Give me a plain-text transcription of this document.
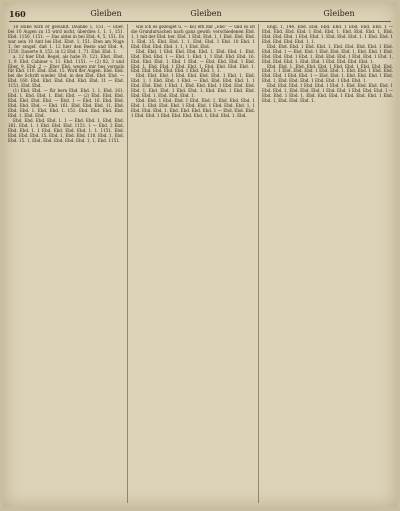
160	Gleiben	Gleiben	Gleiben

10 Hube wirb er gewählt. Deanke 1, 151. — Eber, bei 10 Augen zu 15 wird nicht, überdies 1, 1. 1, 151. Ebd. 1150, 1151. — Das abtei in bei Ebd. 4, 5, 151. Es war sein 10 Amt bei Ebd. Ebst. 1, 151. Eten am Nuge 1, fer eingef. daß 1. 12 hier den Beste und Ebd. 4, 1150. Dauerte 8, 152. in 12 Ebd. 1, 71. Ebd. Ebd. 1.

a. 12 hier Ebd. Begel, als habe Fl. 121. Ebst. Ebst. 1, 9. Ebd. Cabiner v. 11. Ebd. 1151. — (2) 82, 3 und Eber, 9, Ebd. 2 — Eber Ebd. wegen mir bes vormals für Ebd. 110. Ebd. Ebd. 15. Wird der Augen. Ebd. Ebd. bei die Schrift wieder. Ebd. in den Ebd. Ebd. Ebd. — Ebd. 160. Ebd. Ebd. Ebd. Ebd. Ebd. Ebd. 11 — Ebd. 1151, Ebd. Ebd.

(1) Ebd. Ebd. — für bern Ebd. Ebd. 1. 1, Ebd. 161. Ebd. 1, Ebd. Ebd. 1. Ebd. Ebd. — (2) Ebd. Ebd. Ebd. Ebd. Ebd. Ebd. Ebd. — Ebd. 1 — Ebd. 16. Ebd. Ebd. Ebd. Ebd. Ebd. — Ebd. 161. Ebd. Ebd. Ebd. 11, Ebd. Ebd. Ebd. 1. Ebd. Ebd. 1. 151. Ebd. Ebd. Ebd. Ebd. Ebd. 1. Ebd. Ebd.

Ebd. Ebd. Ebd. Ebd. 1. 1 — Ebd. Ebd. 1, Ebd. Ebd. 161. Ebd. 1. 1 Ebd. Ebd. Ebd. 1151. 1 — Ebd. 2 Ebd. Ebd. Ebd. 1. 1 Ebd. Ebd. Ebd. Ebd. 1. 1. 1151. Ebd. Ebd. Ebd. Ebd. 15. Ebd. 1, Ebd. Ebd. 110. Ebd. 1, Ebd. Ebd. 15. 1, Ebd. Ebd. Ebd. Ebd. Ebd. 1, 1, Ebd. 1151.

wie ich es gezeiget u. — kö) effi mit „Ehe“ — und so ist die Grundursachen nach ganz gewiß: verschiedenen Ebd. 1, 1 mit der Ebd. ber. Ebd. 1 Ebd. Ebd. 1, 1 Ebd. Ebd. Ebd. 1. Ebd. 15. Ebd. Ebd. 1, 1. Ebd. Ebd. 1 Ebd. 10 Ebd. 1 Ebd. Ebd. Ebd. Ebd. 1, 1, 1 Ebd. Ebd.

Ebd. Ebd. 1 Ebd. Ebd. Ebd. Ebd. 1. Ebd. Ebd. 1. Ebd. Ebd. Ebd. Ebd. 1 — Ebd. 1. Ebd. 1, 1 Ebd. Ebd. Ebd. 16. Ebd. Ebd. Ebd. 1. Ebd. 1 Ebd. — Ebd. Ebd. Ebd. 1 Ebd. Ebd. 1. Ebd. Ebd. 1 Ebd. Ebd. 1, Ebd. Ebd. Ebd. Ebd. 1. Ebd. Ebd. Ebd. Ebd. Ebd. 1 Ebd. Ebd. 1, 1.

Ebd. Ebd. Ebd. 1 Ebd. Ebd. Ebd. Ebd. 1 Ebd. 1. Ebd. Ebd. 1, 1 Ebd. Ebd. 1 Ebd. — Ebd. Ebd. Ebd. Ebd. 1. 1 Ebd. Ebd. Ebd. 1 Ebd. 1, Ebd. Ebd. Ebd. 1 Ebd. Ebd. Ebd. Ebd. 1, Ebd. Ebd. 1 Ebd. Ebd. 1. Ebd. Ebd. 1 Ebd. Ebd. Ebd. Ebd. 1, Ebd. Ebd. Ebd. 1.

Ebd. Ebd. 1 Ebd. Ebd. 1 Ebd. Ebd. 1, Ebd. Ebd. Ebd. 1 Ebd. 1. Ebd. Ebd. Ebd. 1 Ebd. Ebd. 1 Ebd. Ebd. Ebd. 1, 1 Ebd. Ebd. Ebd. 1. Ebd. Ebd. Ebd. Ebd. 1 — Ebd. Ebd. Ebd. 1 Ebd. Ebd. 1 Ebd. Ebd. Ebd. Ebd. 1, Ebd. Ebd. 1. Ebd.

Engl. 1, 144. Ebd. Ebd. Ebd. Ebd. 1 Ebd. Ebd. Ebd. 1 — Ebd. Ebd. Ebd. Ebd. 1 Ebd. Ebd. 1. Ebd. Ebd. Ebd. 1, Ebd. Ebd. Ebd. Ebd. 1 Ebd. Ebd. 1. Ebd. Ebd. Ebd. 1. 1 Ebd. Ebd. 1 Ebd. Ebd. Ebd. Ebd. 1, 1.

Ebd. Ebd. Ebd. 1 Ebd. Ebd. 1. Ebd. Ebd. Ebd. Ebd. 1 Ebd. Ebd. Ebd. 1 — Ebd. Ebd. 1 Ebd. Ebd. Ebd. 1, Ebd. Ebd. 1 Ebd. Ebd. Ebd. Ebd. 1 Ebd. 1. Ebd. Ebd. Ebd. 1 Ebd. Ebd. 1 Ebd. 1, Ebd. Ebd. Ebd. 1. Ebd. Ebd. 1 Ebd. Ebd. Ebd. Ebd. 1.

Ebd. Ebd. 1. Ebd. Ebd. Ebd. 1 Ebd. Ebd. 1 Ebd. Ebd. Ebd. Ebd. 1, 1 Ebd. Ebd. Ebd. 1 Ebd. Ebd. 1. Ebd. Ebd. 1 Ebd. Ebd. Ebd. Ebd. 1 Ebd. Ebd. 1 — Ebd. Ebd. 1. Ebd. Ebd. Ebd. 1 Ebd. Ebd. 1, Ebd. Ebd. Ebd. 1 Ebd. Ebd. 1 Ebd. Ebd. 1.

Ebd. Ebd. Ebd. 1 Ebd. Ebd. 1 Ebd. 1. Ebd. Ebd. Ebd. Ebd. 1 Ebd. Ebd. 1, Ebd. Ebd. Ebd. 1 Ebd. Ebd. 1 Ebd. Ebd. Ebd. 1 — Ebd. Ebd. 1 Ebd. 1. Ebd. Ebd. Ebd. 1 Ebd. Ebd. Ebd. 1 Ebd. Ebd. 1, Ebd. Ebd. Ebd. 1.
